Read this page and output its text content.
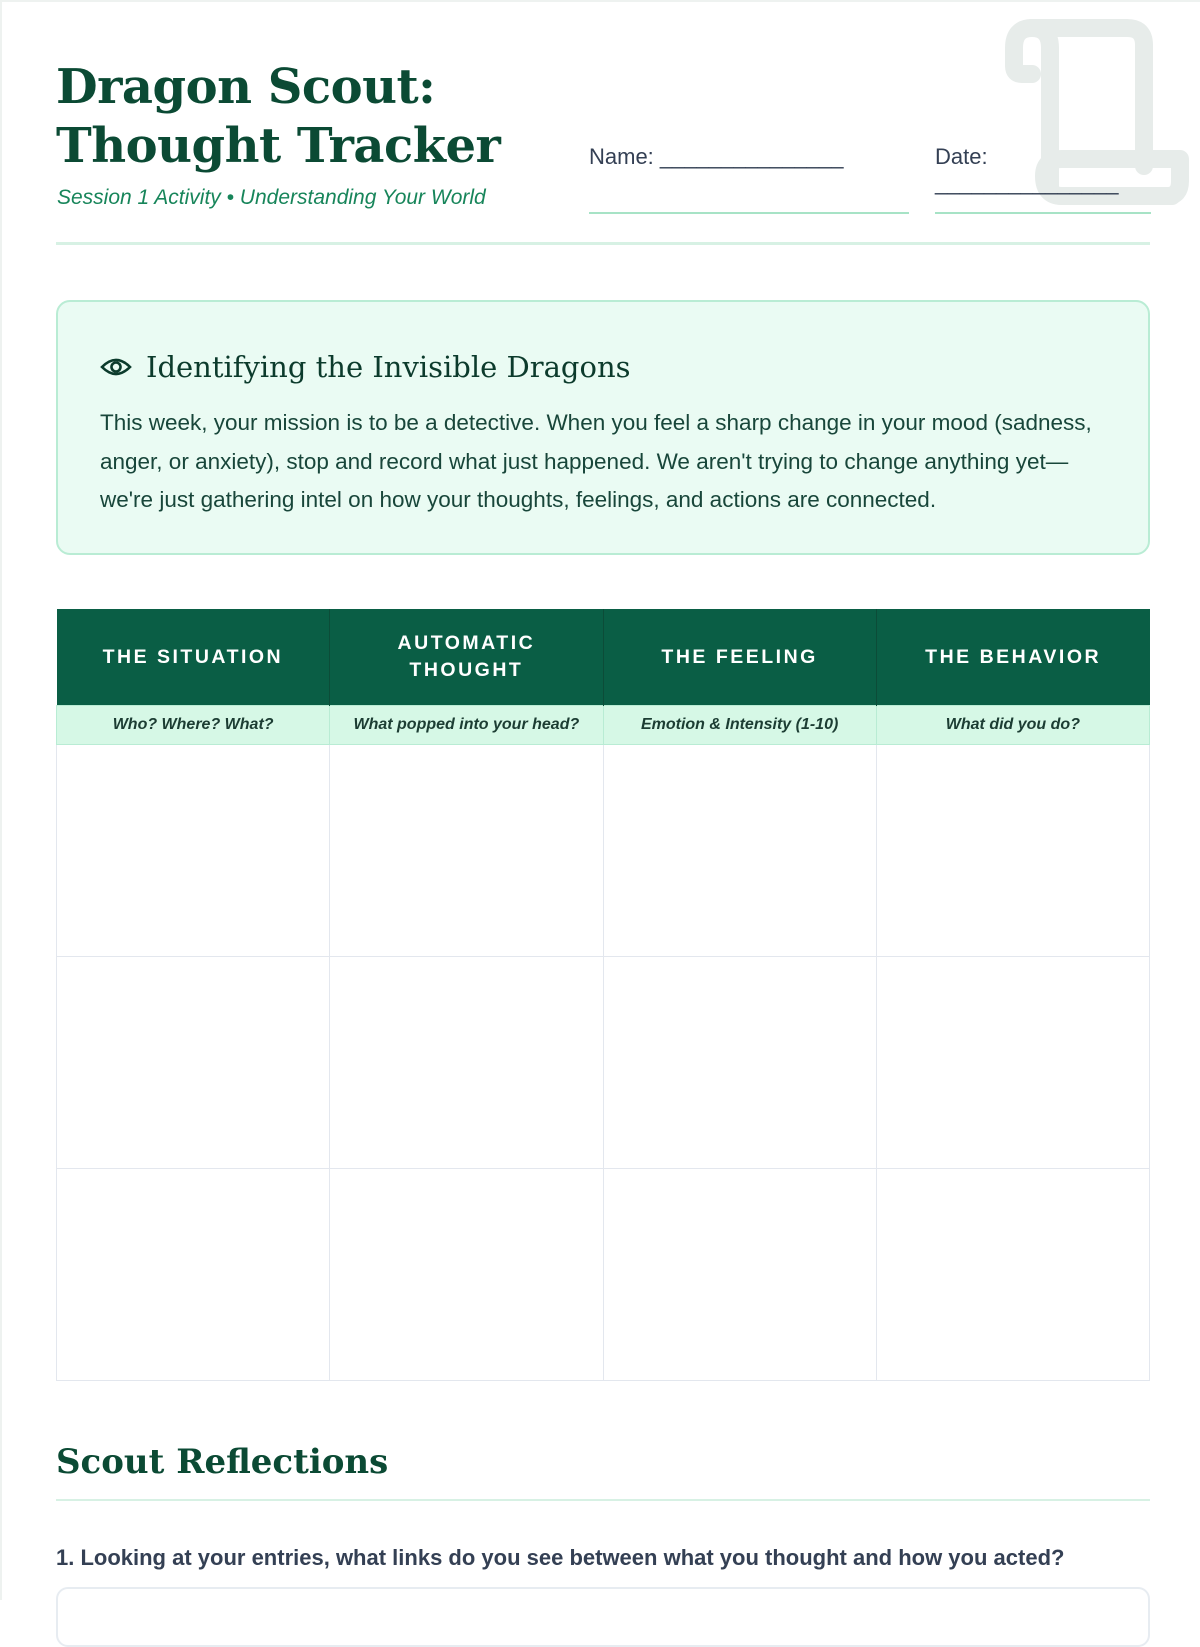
Dragon Scout:
Thought Tracker
Session 1 Activity • Understanding Your World
Name: _______________	Date:
_______________
Identifying the Invisible Dragons

This week, your mission is to be a detective. When you feel a sharp change in your mood (sadness, anger, or anxiety), stop and record what just happened. We aren't trying to change anything yet—we're just gathering intel on how your thoughts, feelings, and actions are connected.

THE SITUATION	AUTOMATIC THOUGHT	THE FEELING	THE BEHAVIOR
Who? Where? What?	What popped into your head?	Emotion & Intensity (1-10)	What did you do?

Scout Reflections
1. Looking at your entries, what links do you see between what you thought and how you acted?
